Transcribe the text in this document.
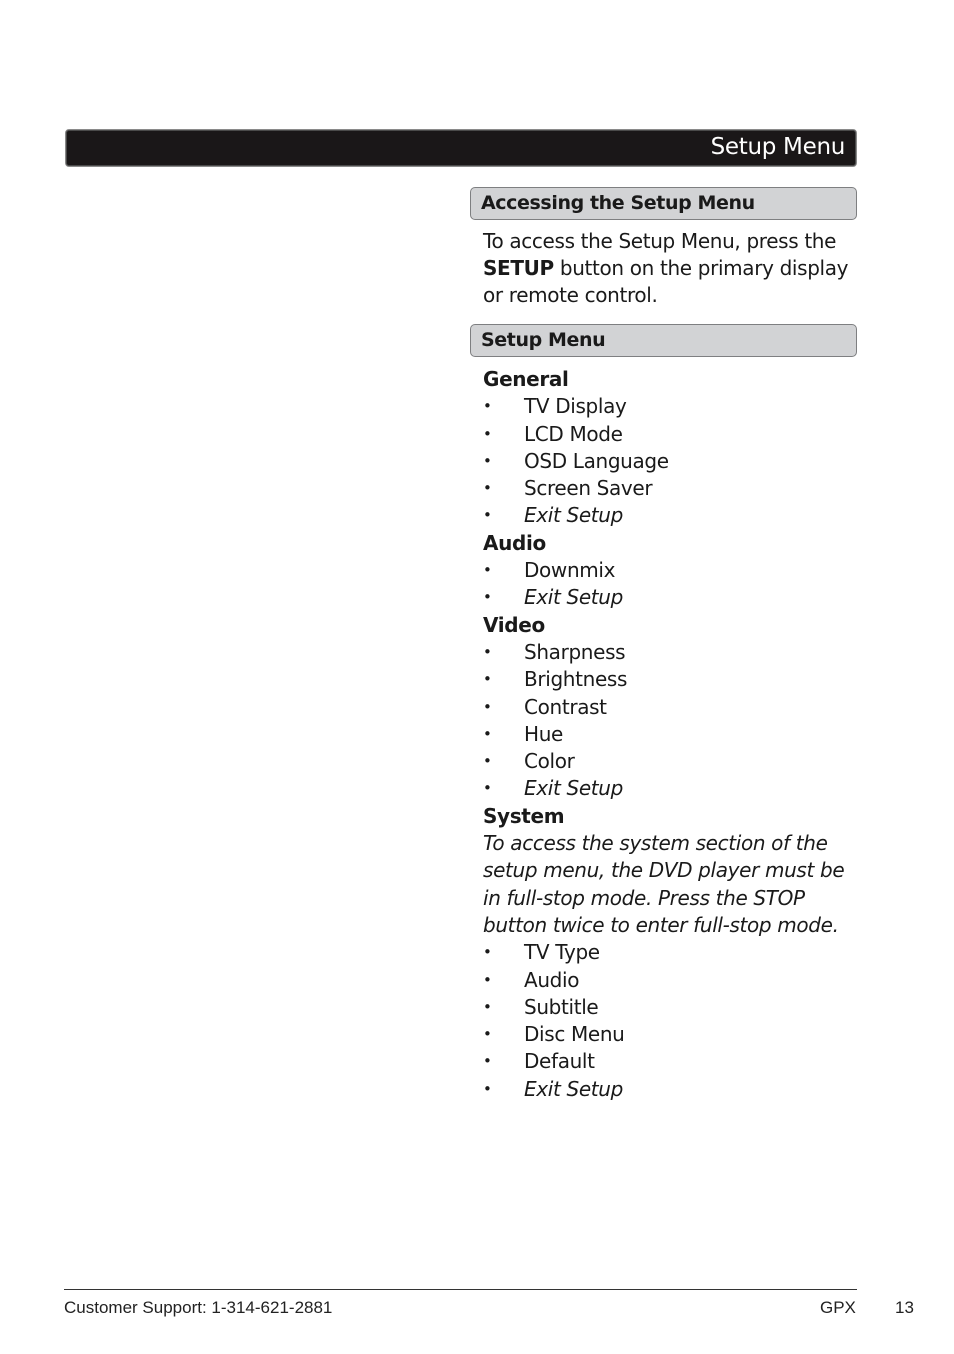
Setup Menu
Accessing the Setup Menu
To access the Setup Menu, press the SETUP button on the primary display or remote control.
Setup Menu
General
• TV Display
• LCD Mode
• OSD Language
• Screen Saver
• Exit Setup
Audio
• Downmix
• Exit Setup
Video
• Sharpness
• Brightness
• Contrast
• Hue
• Color
• Exit Setup
System
To access the system section of the setup menu, the DVD player must be in full-stop mode. Press the STOP button twice to enter full-stop mode.
• TV Type
• Audio
• Subtitle
• Disc Menu
• Default
• Exit Setup
Customer Support: 1-314-621-2881	GPX 13
